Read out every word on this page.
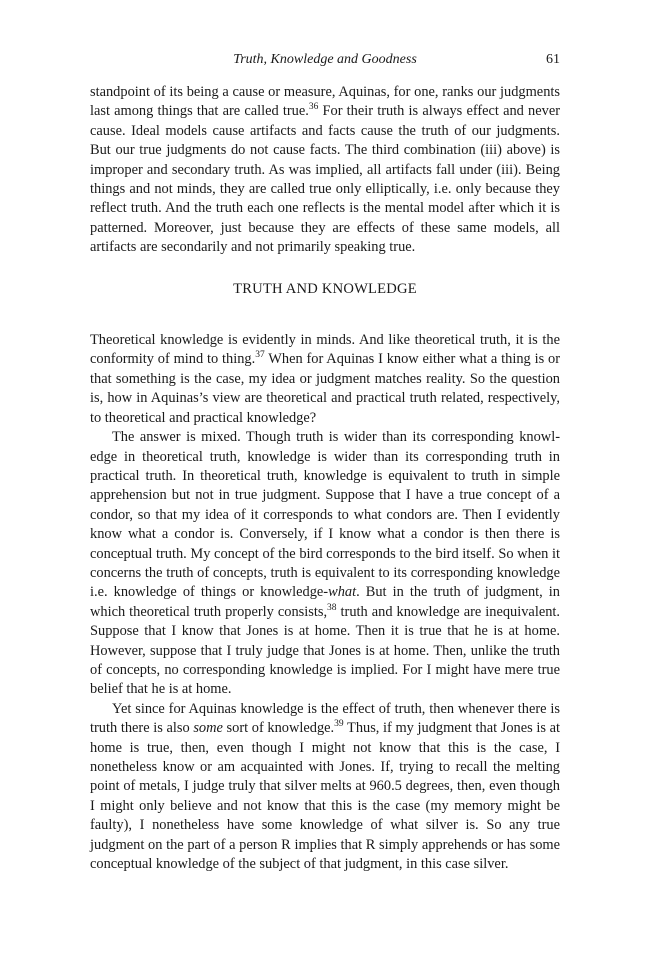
Truth, Knowledge and Goodness	61

standpoint of its being a cause or measure, Aquinas, for one, ranks our judgments last among things that are called true.$^{36}$ For their truth is always effect and never cause. Ideal models cause artifacts and facts cause the truth of our judgments. But our true judgments do not cause facts. The third combination (iii) above) is improper and secondary truth. As was implied, all artifacts fall under (iii). Being things and not minds, they are called true only elliptically, i.e. only because they reflect truth. And the truth each one reflects is the mental model after which it is patterned. Moreover, just because they are effects of these same models, all artifacts are secondarily and not primarily speaking true.

TRUTH AND KNOWLEDGE

Theoretical knowledge is evidently in minds. And like theoretical truth, it is the conformity of mind to thing.$^{37}$ When for Aquinas I know either what a thing is or that something is the case, my idea or judgment matches reality. So the question is, how in Aquinas’s view are theoretical and practical truth related, respectively, to theoretical and practical knowledge?

The answer is mixed. Though truth is wider than its corresponding knowledge in theoretical truth, knowledge is wider than its corresponding truth in practical truth. In theoretical truth, knowledge is equivalent to truth in simple apprehension but not in true judgment. Suppose that I have a true concept of a condor, so that my idea of it corresponds to what condors are. Then I evidently know what a condor is. Conversely, if I know what a condor is then there is conceptual truth. My concept of the bird corresponds to the bird itself. So when it concerns the truth of concepts, truth is equivalent to its corresponding knowledge i.e. knowledge of things or knowledge-what. But in the truth of judgment, in which theoretical truth properly consists,$^{38}$ truth and knowledge are inequivalent. Suppose that I know that Jones is at home. Then it is true that he is at home. However, suppose that I truly judge that Jones is at home. Then, unlike the truth of concepts, no corresponding knowledge is implied. For I might have mere true belief that he is at home.

Yet since for Aquinas knowledge is the effect of truth, then whenever there is truth there is also some sort of knowledge.$^{39}$ Thus, if my judgment that Jones is at home is true, then, even though I might not know that this is the case, I nonetheless know or am acquainted with Jones. If, trying to recall the melting point of metals, I judge truly that silver melts at 960.5 degrees, then, even though I might only believe and not know that this is the case (my memory might be faulty), I nonetheless have some knowledge of what silver is. So any true judgment on the part of a person R implies that R simply apprehends or has some conceptual knowledge of the subject of that judgment, in this case silver.
